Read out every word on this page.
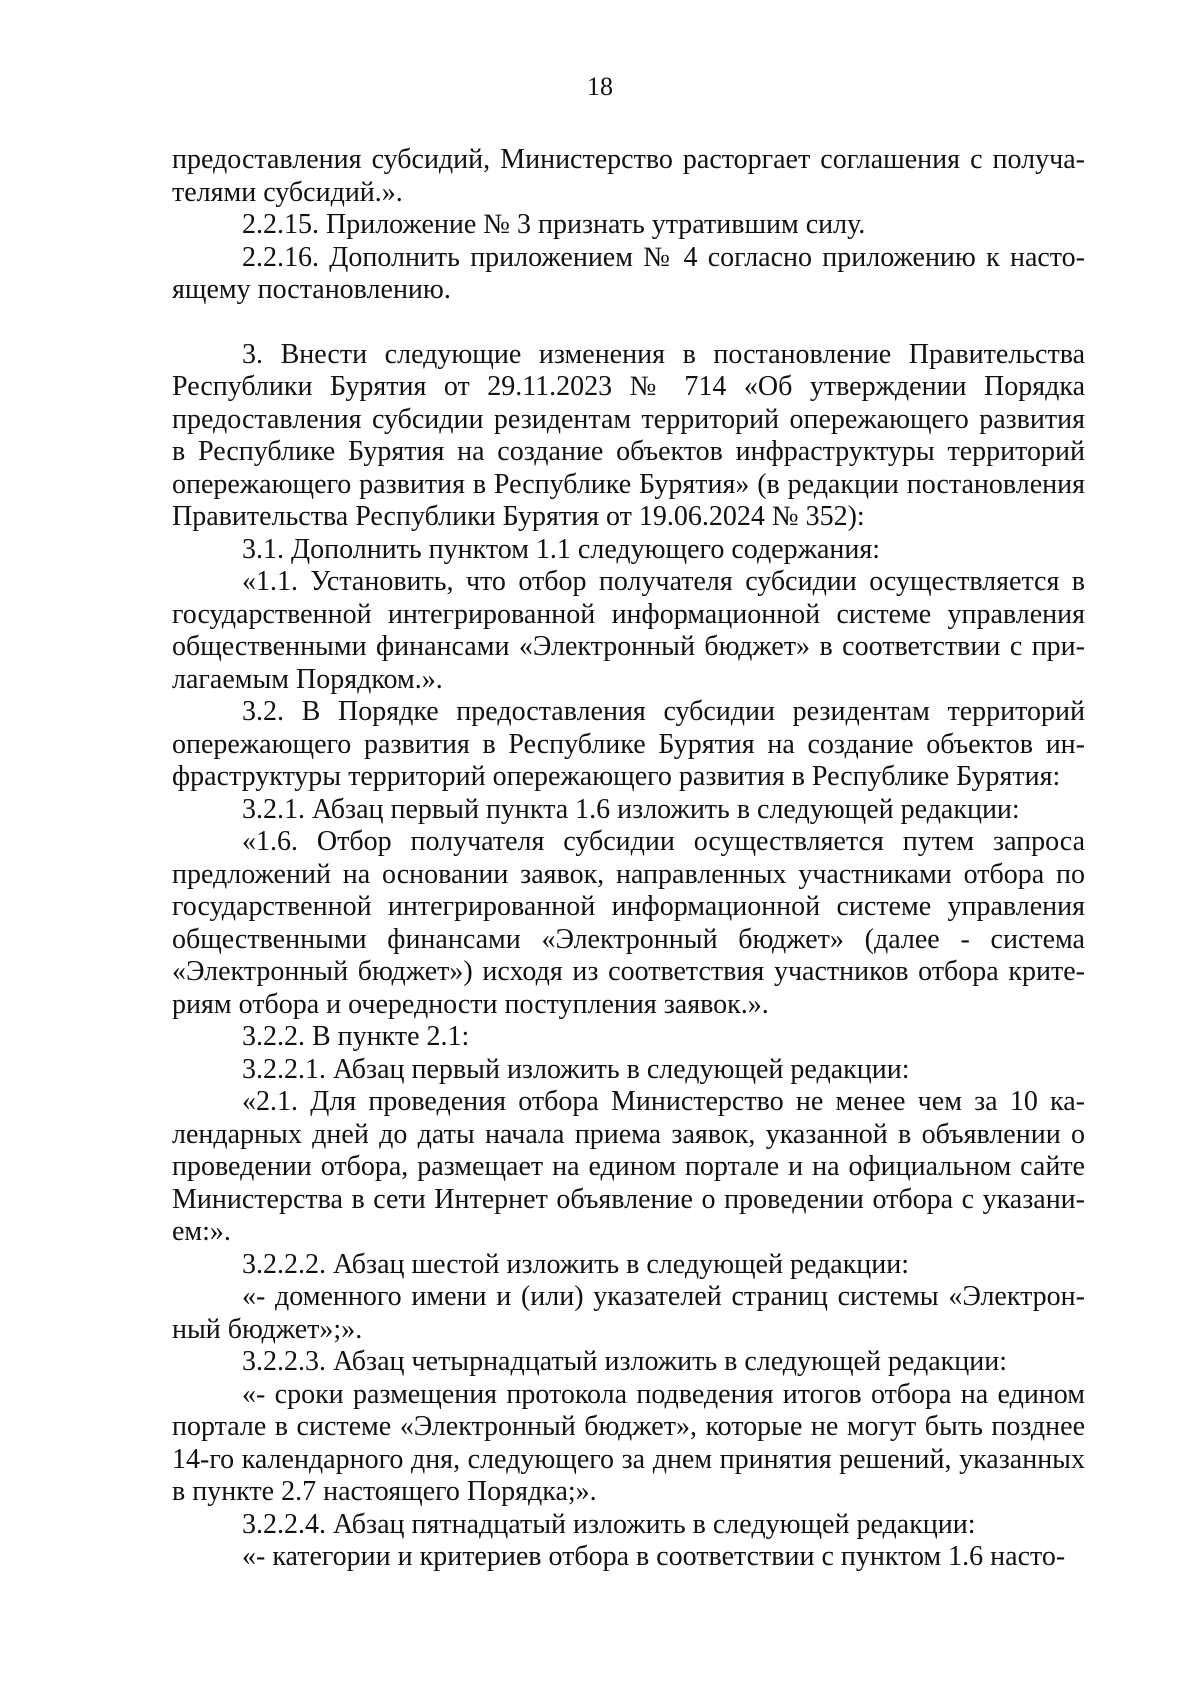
18

предоставления субсидий, Министерство расторгает соглашения с получателями субсидий.».

2.2.15. Приложение № 3 признать утратившим силу.

2.2.16. Дополнить приложением № 4 согласно приложению к настоящему постановлению.

3. Внести следующие изменения в постановление Правительства Республики Бурятия от 29.11.2023 № 714 «Об утверждении Порядка предоставления субсидии резидентам территорий опережающего развития в Республике Бурятия на создание объектов инфраструктуры территорий опережающего развития в Республике Бурятия» (в редакции постановления Правительства Республики Бурятия от 19.06.2024 № 352):

3.1. Дополнить пунктом 1.1 следующего содержания:

«1.1. Установить, что отбор получателя субсидии осуществляется в государственной интегрированной информационной системе управления общественными финансами «Электронный бюджет» в соответствии с прилагаемым Порядком.».

3.2. В Порядке предоставления субсидии резидентам территорий опережающего развития в Республике Бурятия на создание объектов инфраструктуры территорий опережающего развития в Республике Бурятия:

3.2.1. Абзац первый пункта 1.6 изложить в следующей редакции:

«1.6. Отбор получателя субсидии осуществляется путем запроса предложений на основании заявок, направленных участниками отбора по государственной интегрированной информационной системе управления общественными финансами «Электронный бюджет» (далее - система «Электронный бюджет») исходя из соответствия участников отбора критериям отбора и очередности поступления заявок.».

3.2.2. В пункте 2.1:

3.2.2.1. Абзац первый изложить в следующей редакции:

«2.1. Для проведения отбора Министерство не менее чем за 10 календарных дней до даты начала приема заявок, указанной в объявлении о проведении отбора, размещает на едином портале и на официальном сайте Министерства в сети Интернет объявление о проведении отбора с указанием:».

3.2.2.2. Абзац шестой изложить в следующей редакции:

«- доменного имени и (или) указателей страниц системы «Электронный бюджет»;».

3.2.2.3. Абзац четырнадцатый изложить в следующей редакции:

«- сроки размещения протокола подведения итогов отбора на едином портале в системе «Электронный бюджет», которые не могут быть позднее 14-го календарного дня, следующего за днем принятия решений, указанных в пункте 2.7 настоящего Порядка;».

3.2.2.4. Абзац пятнадцатый изложить в следующей редакции:

«- категории и критериев отбора в соответствии с пунктом 1.6 насто-
